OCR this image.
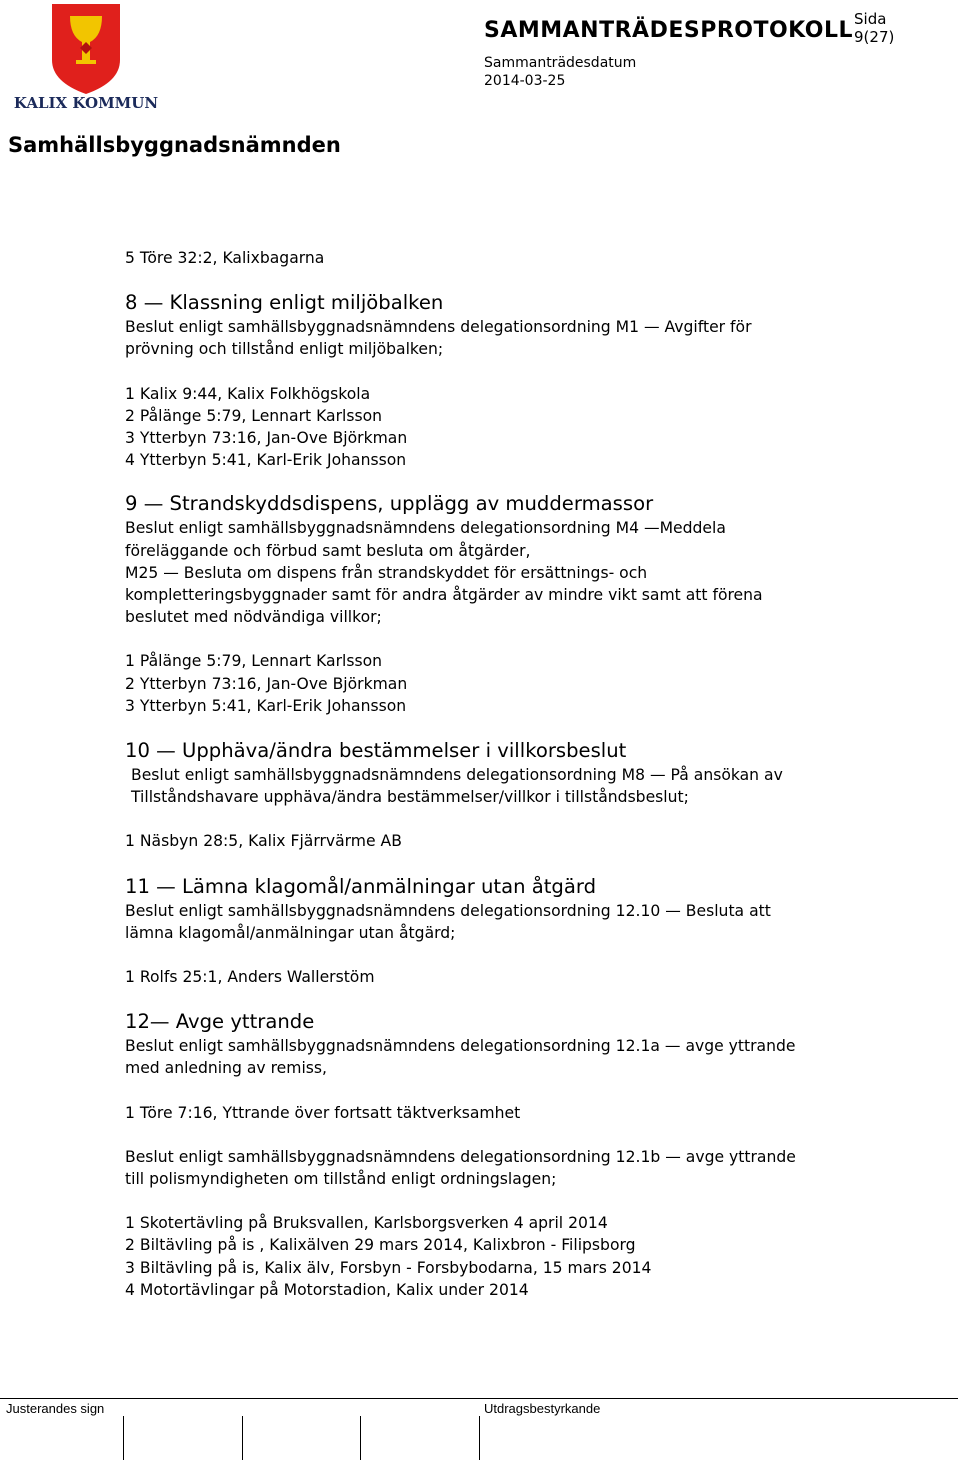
KALIX KOMMUN
SAMMANTRÄDESPROTOKOLL Sida
9(27)
Sammanträdesdatum
2014-03-25
Samhällsbyggnadsnämnden

5 Töre 32:2, Kalixbagarna

8 — Klassning enligt miljöbalken

Beslut enligt samhällsbyggnadsnämndens delegationsordning M1 — Avgifter för

prövning och tillstånd enligt miljöbalken;

1 Kalix 9:44, Kalix Folkhögskola

2 Pålänge 5:79, Lennart Karlsson

3 Ytterbyn 73:16, Jan-Ove Björkman

4 Ytterbyn 5:41, Karl-Erik Johansson

9 — Strandskyddsdispens, upplägg av muddermassor

Beslut enligt samhällsbyggnadsnämndens delegationsordning M4 —Meddela

föreläggande och förbud samt besluta om åtgärder,

M25 — Besluta om dispens från strandskyddet för ersättnings- och

kompletteringsbyggnader samt för andra åtgärder av mindre vikt samt att förena

beslutet med nödvändiga villkor;

1 Pålänge 5:79, Lennart Karlsson

2 Ytterbyn 73:16, Jan-Ove Björkman

3 Ytterbyn 5:41, Karl-Erik Johansson

10 — Upphäva/ändra bestämmelser i villkorsbeslut

Beslut enligt samhällsbyggnadsnämndens delegationsordning M8 — På ansökan av

Tillståndshavare upphäva/ändra bestämmelser/villkor i tillståndsbeslut;

1 Näsbyn 28:5, Kalix Fjärrvärme AB

11 — Lämna klagomål/anmälningar utan åtgärd

Beslut enligt samhällsbyggnadsnämndens delegationsordning 12.10 — Besluta att

lämna klagomål/anmälningar utan åtgärd;

1 Rolfs 25:1, Anders Wallerstöm

12— Avge yttrande

Beslut enligt samhällsbyggnadsnämndens delegationsordning 12.1a — avge yttrande

med anledning av remiss,

1 Töre 7:16, Yttrande över fortsatt täktverksamhet

Beslut enligt samhällsbyggnadsnämndens delegationsordning 12.1b — avge yttrande

till polismyndigheten om tillstånd enligt ordningslagen;

1 Skotertävling på Bruksvallen, Karlsborgsverken 4 april 2014

2 Biltävling på is , Kalixälven 29 mars 2014, Kalixbron - Filipsborg

3 Biltävling på is, Kalix älv, Forsbyn - Forsbybodarna, 15 mars 2014

4 Motortävlingar på Motorstadion, Kalix under 2014

Justerandes sign	Utdragsbestyrkande
